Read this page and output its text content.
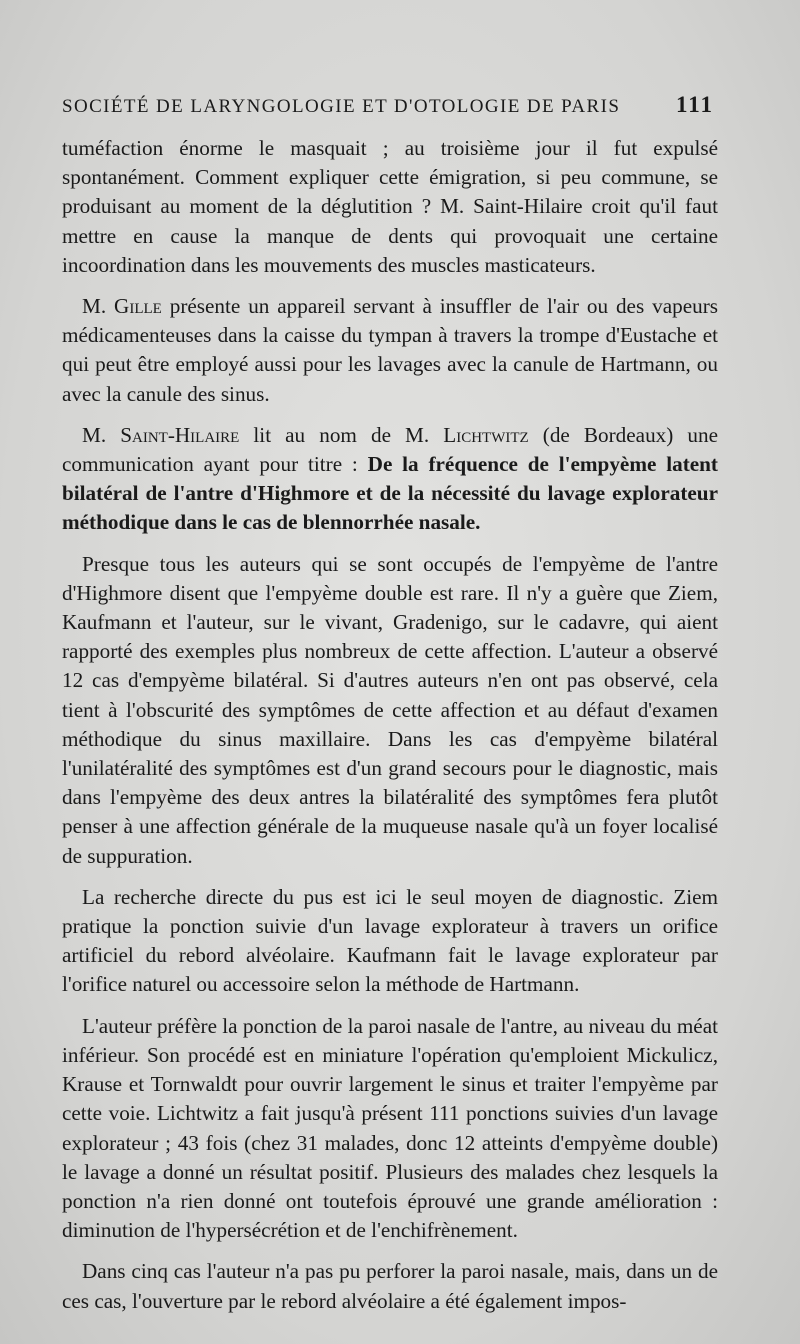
SOCIÉTÉ DE LARYNGOLOGIE ET D'OTOLOGIE DE PARIS 111

tuméfaction énorme le masquait ; au troisième jour il fut expulsé spontanément. Comment expliquer cette émigration, si peu commune, se produisant au moment de la déglutition ? M. Saint-Hilaire croit qu'il faut mettre en cause la manque de dents qui provoquait une certaine incoordination dans les mouvements des muscles masticateurs.

M. Gille présente un appareil servant à insuffler de l'air ou des vapeurs médicamenteuses dans la caisse du tympan à travers la trompe d'Eustache et qui peut être employé aussi pour les lavages avec la canule de Hartmann, ou avec la canule des sinus.

M. Saint-Hilaire lit au nom de M. Lichtwitz (de Bordeaux) une communication ayant pour titre : De la fréquence de l'empyème latent bilatéral de l'antre d'Highmore et de la nécessité du lavage explorateur méthodique dans le cas de blennorrhée nasale.

Presque tous les auteurs qui se sont occupés de l'empyème de l'antre d'Highmore disent que l'empyème double est rare. Il n'y a guère que Ziem, Kaufmann et l'auteur, sur le vivant, Gradenigo, sur le cadavre, qui aient rapporté des exemples plus nombreux de cette affection. L'auteur a observé 12 cas d'empyème bilatéral. Si d'autres auteurs n'en ont pas observé, cela tient à l'obscurité des symptômes de cette affection et au défaut d'examen méthodique du sinus maxillaire. Dans les cas d'empyème bilatéral l'unilatéralité des symptômes est d'un grand secours pour le diagnostic, mais dans l'empyème des deux antres la bilatéralité des symptômes fera plutôt penser à une affection générale de la muqueuse nasale qu'à un foyer localisé de suppuration.

La recherche directe du pus est ici le seul moyen de diagnostic. Ziem pratique la ponction suivie d'un lavage explorateur à travers un orifice artificiel du rebord alvéolaire. Kaufmann fait le lavage explorateur par l'orifice naturel ou accessoire selon la méthode de Hartmann.

L'auteur préfère la ponction de la paroi nasale de l'antre, au niveau du méat inférieur. Son procédé est en miniature l'opération qu'emploient Mickulicz, Krause et Tornwaldt pour ouvrir largement le sinus et traiter l'empyème par cette voie. Lichtwitz a fait jusqu'à présent 111 ponctions suivies d'un lavage explorateur ; 43 fois (chez 31 malades, donc 12 atteints d'empyème double) le lavage a donné un résultat positif. Plusieurs des malades chez lesquels la ponction n'a rien donné ont toutefois éprouvé une grande amélioration : diminution de l'hypersécrétion et de l'enchifrènement.

Dans cinq cas l'auteur n'a pas pu perforer la paroi nasale, mais, dans un de ces cas, l'ouverture par le rebord alvéolaire a été également impos-
